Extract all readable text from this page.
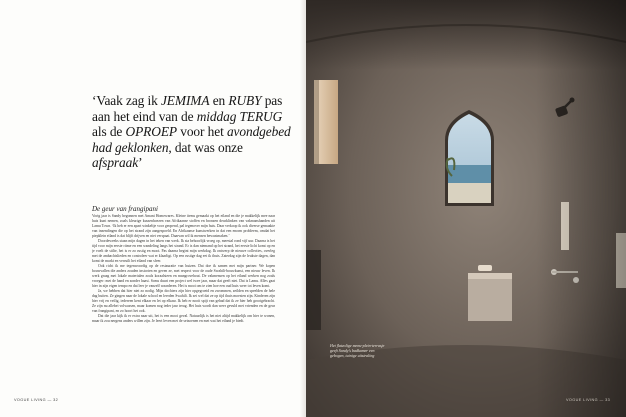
‘Vaak zag ik JEMIMA en RUBY pas aan het eind van de middag TERUG als de OPROEP voor het avondgebed had geklonken, dat was onze afspraak’
De geur van frangipani

Vorig jaar is Sandy begonnen met Amani Homewares. Kleine items gemaakt op het eiland en die je makkelijk mee naar huis kunt nemen, zoals kleurige kussenhoezen van Afrikaanse stoffen en bronzen deurklinken van vakmanshanden uit Lamu Town. ‘Ik heb er een apart winkeltje voor geopend, pal tegenover mijn huis. Daar verkoop ik ook diverse gemaakte van inzendingen die op het strand zijn aangespoeld. En Afrikaanse kunstwerken in dat een enorm probleem, omdat het piepklein eiland is dat blijft drijven en niet verspaat. Daarvan wil ik mensen bewustmaken.’

Doordeweeks staan mijn dagen in het teken van werk. Ik sta behoorlijk vroeg op, meestal rond vijf uur. Daarna is het tijd voor mijn eerste ritme en een wandeling langs het strand. Er is dan niemand op het strand, het eerste licht komt op en je voelt de stilte, het is er zo rustig en mooi. Pas daarna begint mijn werkdag. Ik ontwerp de nieuwe collecties, overleg met de ambachtslieden en controleer wat er klaarligt. Op een rustige dag eet ik thuis. Zaterdag zijn de leukste dagen, dan komt de markt en verruilt het eiland van sfeer.

Ook richt ik me tegenwoordig op de restauratie van huizen. Dat doe ik samen met mijn partner. We kopen bouwvallen die anders zouden instorten en geven ze, met respect voor de oude Swahili-bouwkunst, een nieuw leven. Ik werk graag met lokale materialen zoals koraalsteen en mangrovehout. De vakmensen op het eiland werken nog zoals vroeger: met de hand en zonder haast. Soms duurt een project wel twee jaar, maar dat geeft niet. Dat is Lamu. Alles gaat hier in zijn eigen tempo en dat leer je vanzelf waarderen. Het is mooi om te zien hoe een oud huis weer tot leven komt.

Ja, we hebben dat hier niet zo nodig. Mijn dochters zijn hier opgegroeid en zwommen, zeilden en speelden de hele dag buiten. Ze gingen naar de lokale school en leerden Swahili. Ik zei wel dat ze op tijd thuis moesten zijn. Kinderen zijn hier vrij en veilig, iedereen kent elkaar en let op elkaar. Ik heb er nooit spijt van gehad dat ik ze hier heb grootgebracht. Ze zijn nu allebei volwassen, maar komen nog ieder jaar terug. Het huis wordt dan weer gevuld met vrienden en de geur van frangipani, en zo hoort het ook.

Dat die jaar kijk ik er extra naar uit, het is een mooi geval. Natuurlijk is het niet altijd makkelijk om hier te wonen, maar ik zou nergens anders willen zijn. Je leert leven met de seizoenen en met wat het eiland je biedt.

VOGUE LIVING — 32	VOGUE LIVING — 33
Het flatzolige menu-plein-terrasje geeft Sandy's badkamer een gebogen, tuinige uitstraling
